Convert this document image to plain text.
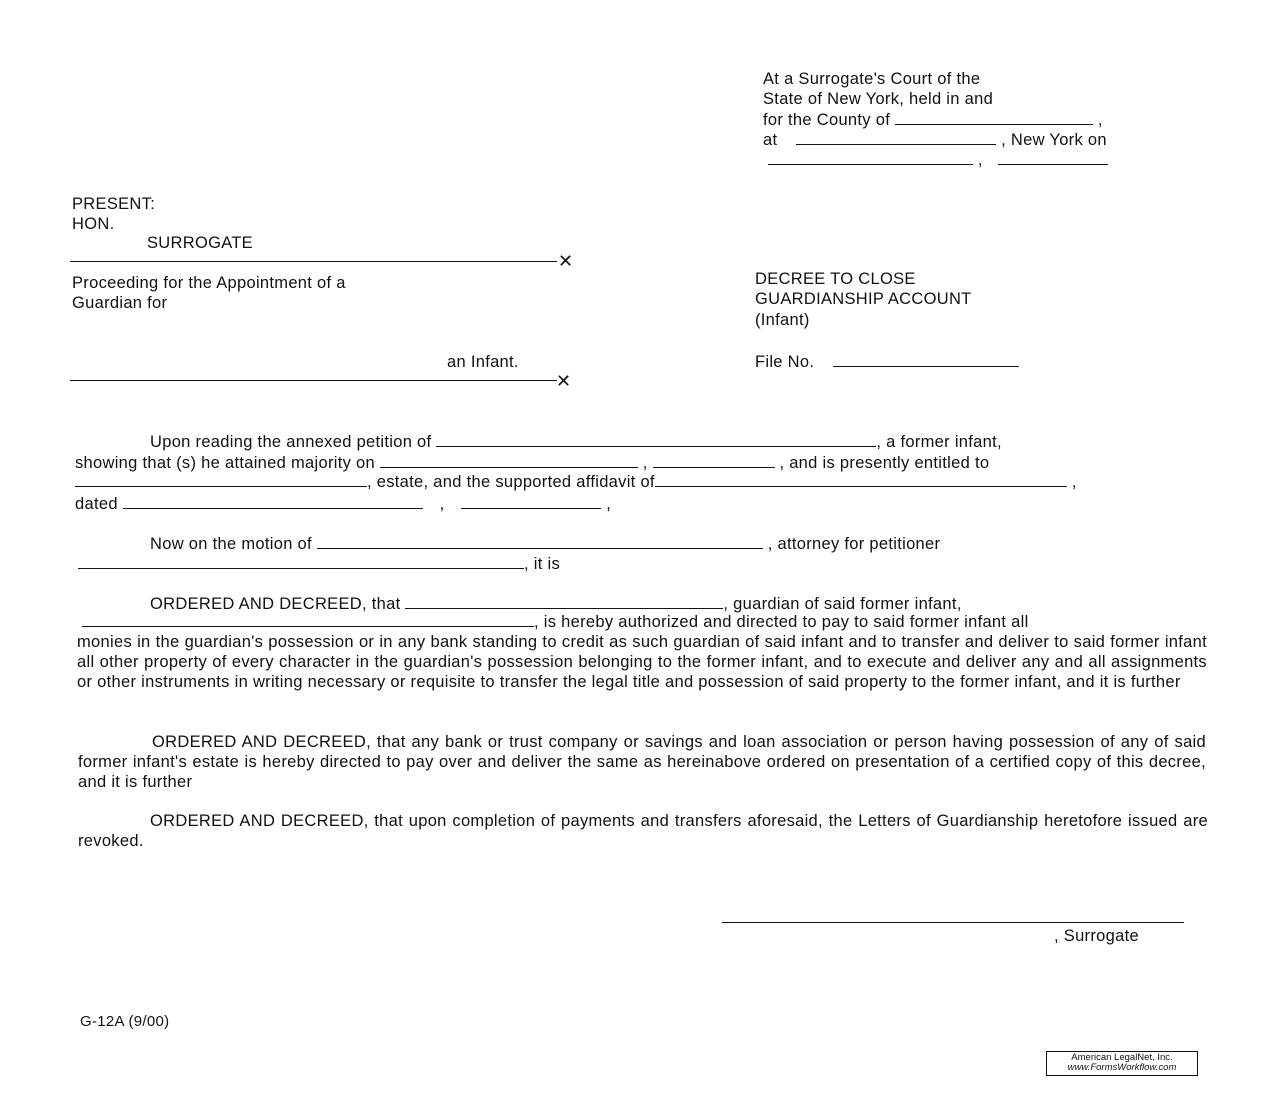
At a Surrogate's Court of the
State of New York, held in and
for the County of	,
at	, New York on
,
PRESENT:
HON.
SURROGATE
✕
Proceeding for the Appointment of a
Guardian for
an Infant.
✕
DECREE TO CLOSE
GUARDIANSHIP ACCOUNT
(Infant)
File No.
Upon reading the annexed petition of	, a former infant,
showing that (s) he attained majority on	,	, and is presently entitled to
, estate, and the supported affidavit of	,
dated	,	,
Now on the motion of	, attorney for petitioner
, it is
ORDERED AND DECREED, that	, guardian of said former infant,
, is hereby authorized and directed to pay to said former infant all
monies in the guardian's possession or in any bank standing to credit as such guardian of said infant and to transfer and deliver to said former infant all other property of every character in the guardian's possession belonging to the former infant, and to execute and deliver any and all assignments or other instruments in writing necessary or requisite to transfer the legal title and possession of said property to the former infant, and it is further
ORDERED AND DECREED, that any bank or trust company or savings and loan association or person having possession of any of said former infant's estate is hereby directed to pay over and deliver the same as hereinabove ordered on presentation of a certified copy of this decree, and it is further
ORDERED AND DECREED, that upon completion of payments and transfers aforesaid, the Letters of Guardianship heretofore issued are revoked.
, Surrogate
G-12A (9/00)
American LegalNet, Inc.
www.FormsWorkflow.com
